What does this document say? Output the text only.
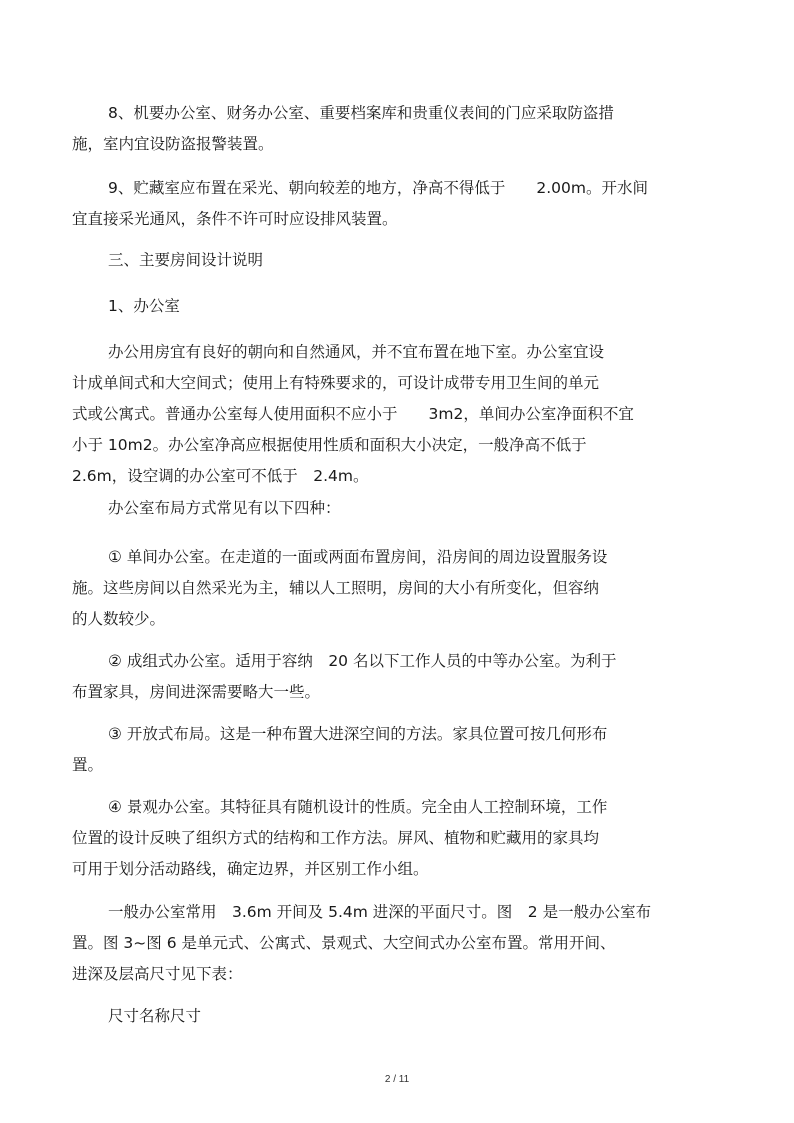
8、机要办公室、财务办公室、重要档案库和贵重仪表间的门应采取防盗措
施，室内宜设防盗报警装置。
9、贮藏室应布置在采光、朝向较差的地方，净高不得低于　　2.00m。开水间
宜直接采光通风，条件不许可时应设排风装置。
三、主要房间设计说明
1、办公室
办公用房宜有良好的朝向和自然通风，并不宜布置在地下室。办公室宜设
计成单间式和大空间式；使用上有特殊要求的，可设计成带专用卫生间的单元
式或公寓式。普通办公室每人使用面积不应小于　　3m2，单间办公室净面积不宜
小于 10m2。办公室净高应根据使用性质和面积大小决定，一般净高不低于
2.6m，设空调的办公室可不低于　2.4m。
办公室布局方式常见有以下四种：
① 单间办公室。在走道的一面或两面布置房间，沿房间的周边设置服务设
施。这些房间以自然采光为主，辅以人工照明，房间的大小有所变化，但容纳
的人数较少。
② 成组式办公室。适用于容纳　20 名以下工作人员的中等办公室。为利于
布置家具，房间进深需要略大一些。
③ 开放式布局。这是一种布置大进深空间的方法。家具位置可按几何形布
置。
④ 景观办公室。其特征具有随机设计的性质。完全由人工控制环境，工作
位置的设计反映了组织方式的结构和工作方法。屏风、植物和贮藏用的家具均
可用于划分活动路线，确定边界，并区别工作小组。
一般办公室常用　3.6m 开间及 5.4m 进深的平面尺寸。图　2 是一般办公室布
置。图 3~图 6 是单元式、公寓式、景观式、大空间式办公室布置。常用开间、
进深及层高尺寸见下表：
尺寸名称尺寸
2 / 11
